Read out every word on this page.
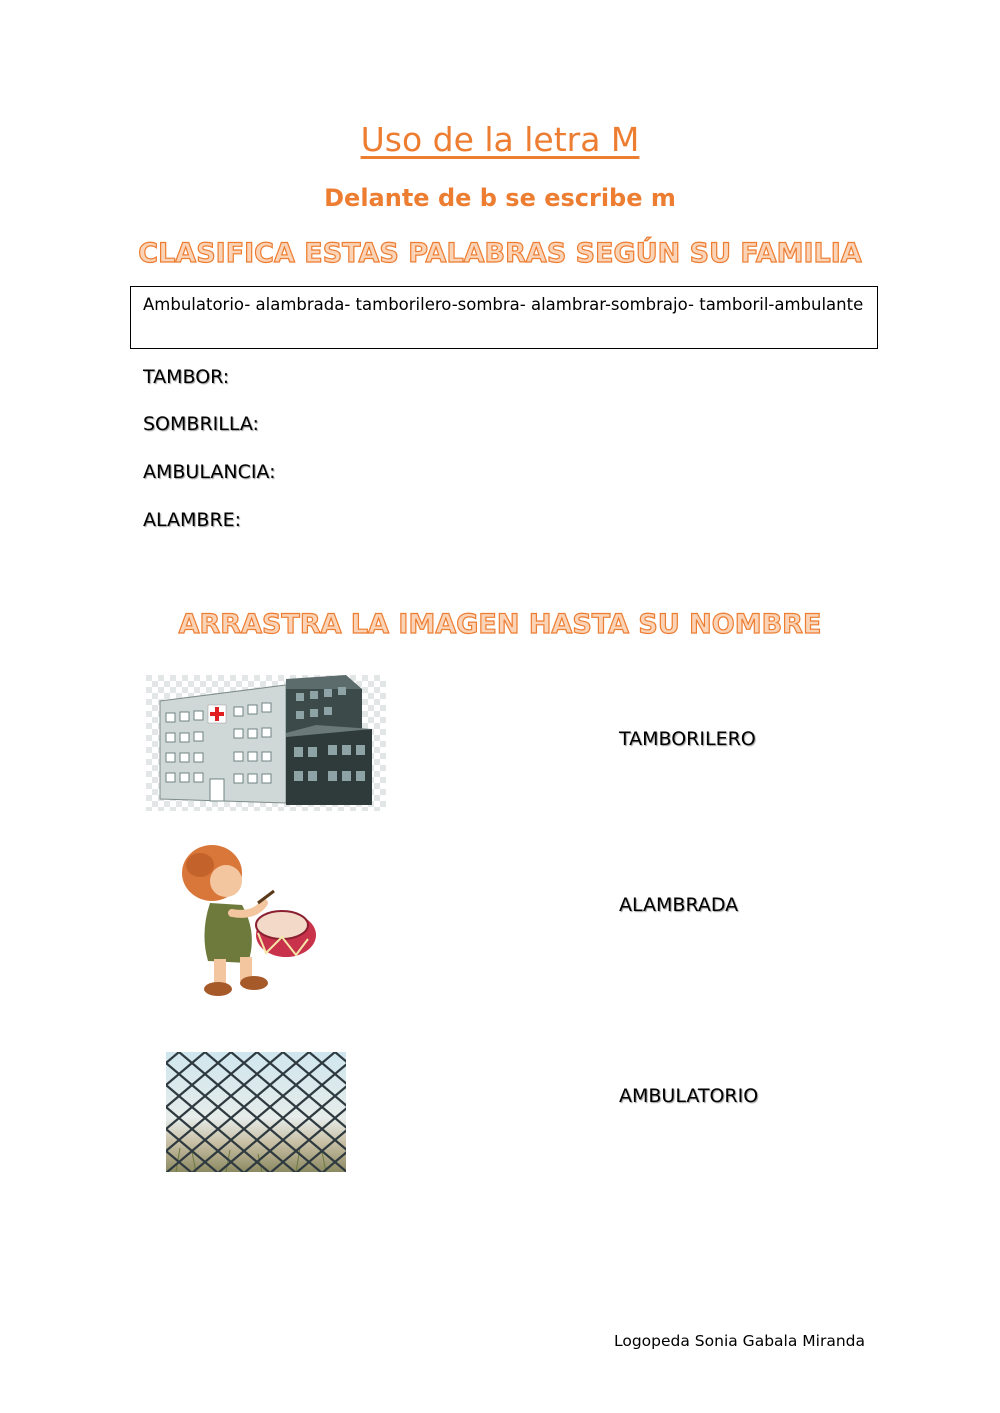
Uso de la letra M
Delante de b se escribe m
CLASIFICA ESTAS PALABRAS SEGÚN SU FAMILIA
Ambulatorio- alambrada- tamborilero-sombra- alambrar-sombrajo- tamboril-ambulante
TAMBOR:
SOMBRILLA:
AMBULANCIA:
ALAMBRE:
ARRASTRA LA IMAGEN HASTA SU NOMBRE
TAMBORILERO
ALAMBRADA
AMBULATORIO
Logopeda Sonia Gabala Miranda
